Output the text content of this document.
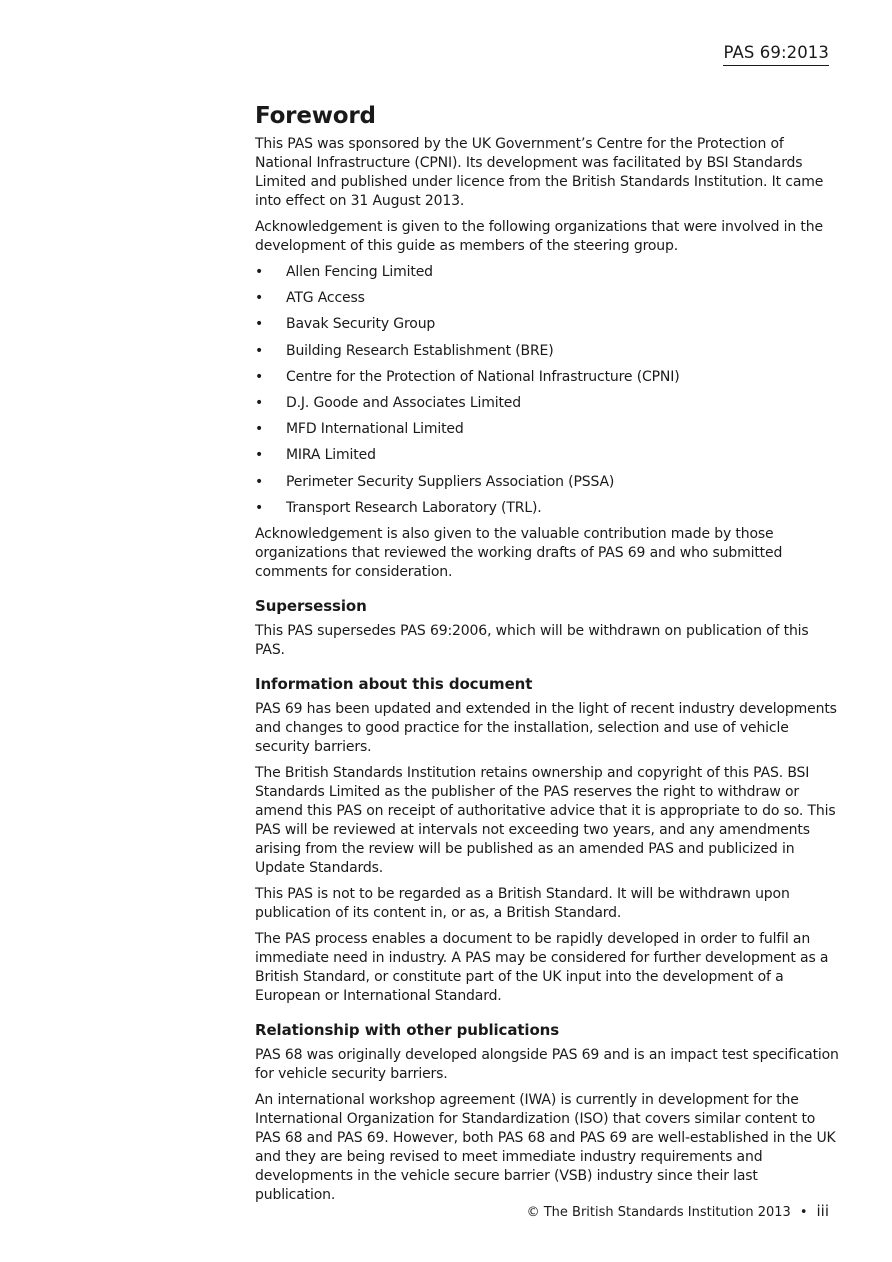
PAS 69:2013
Foreword

This PAS was sponsored by the UK Government’s Centre for the Protection of National Infrastructure (CPNI). Its development was facilitated by BSI Standards Limited and published under licence from the British Standards Institution. It came into effect on 31 August 2013.

Acknowledgement is given to the following organizations that were involved in the development of this guide as members of the steering group.

• Allen Fencing Limited
• ATG Access
• Bavak Security Group
• Building Research Establishment (BRE)
• Centre for the Protection of National Infrastructure (CPNI)
• D.J. Goode and Associates Limited
• MFD International Limited
• MIRA Limited
• Perimeter Security Suppliers Association (PSSA)
• Transport Research Laboratory (TRL).

Acknowledgement is also given to the valuable contribution made by those organizations that reviewed the working drafts of PAS 69 and who submitted comments for consideration.

Supersession

This PAS supersedes PAS 69:2006, which will be withdrawn on publication of this PAS.

Information about this document

PAS 69 has been updated and extended in the light of recent industry developments and changes to good practice for the installation, selection and use of vehicle security barriers.

The British Standards Institution retains ownership and copyright of this PAS. BSI Standards Limited as the publisher of the PAS reserves the right to withdraw or amend this PAS on receipt of authoritative advice that it is appropriate to do so. This PAS will be reviewed at intervals not exceeding two years, and any amendments arising from the review will be published as an amended PAS and publicized in Update Standards.

This PAS is not to be regarded as a British Standard. It will be withdrawn upon publication of its content in, or as, a British Standard.

The PAS process enables a document to be rapidly developed in order to fulfil an immediate need in industry. A PAS may be considered for further development as a British Standard, or constitute part of the UK input into the development of a European or International Standard.

Relationship with other publications

PAS 68 was originally developed alongside PAS 69 and is an impact test specification for vehicle security barriers.

An international workshop agreement (IWA) is currently in development for the International Organization for Standardization (ISO) that covers similar content to PAS 68 and PAS 69. However, both PAS 68 and PAS 69 are well-established in the UK and they are being revised to meet immediate industry requirements and developments in the vehicle secure barrier (VSB) industry since their last publication.

© The British Standards Institution 2013 • iii
